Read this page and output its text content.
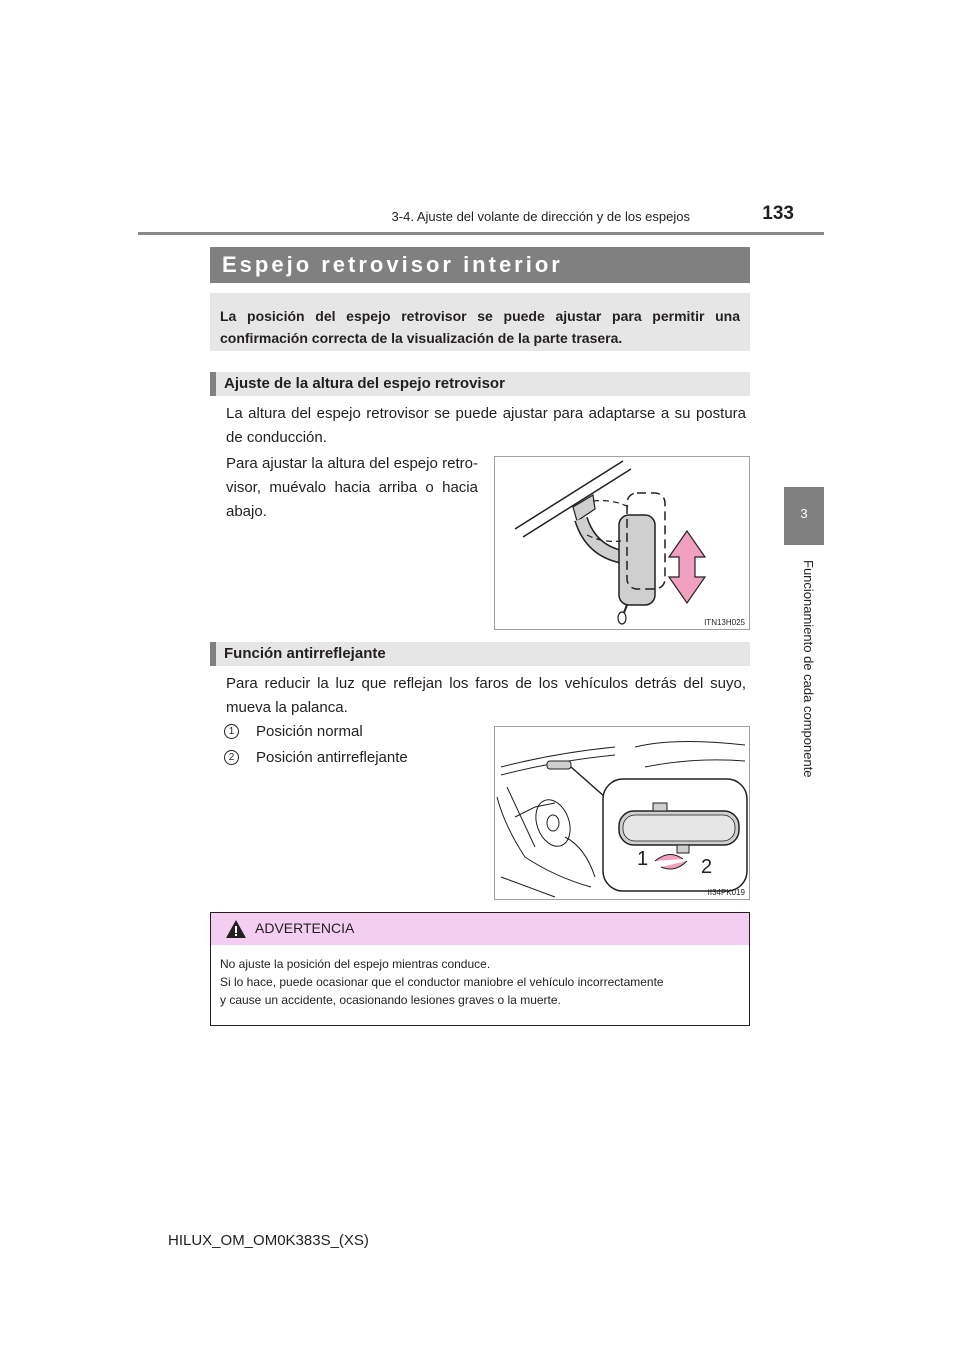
3-4. Ajuste del volante de dirección y de los espejos	133
3
Funcionamiento de cada componente
Espejo retrovisor interior
La posición del espejo retrovisor se puede ajustar para permitir una confirmación correcta de la visualización de la parte trasera.
Ajuste de la altura del espejo retrovisor
La altura del espejo retrovisor se puede ajustar para adaptarse a su postura de conducción.
Para ajustar la altura del espejo retro-visor, muévalo hacia arriba o hacia abajo.
ITN13H025
Función antirreflejante
Para reducir la luz que reflejan los faros de los vehículos detrás del suyo, mueva la palanca.
1	Posición normal
2	Posición antirreflejante
1	2
II34PK019
ADVERTENCIA
No ajuste la posición del espejo mientras conduce.
Si lo hace, puede ocasionar que el conductor maniobre el vehículo incorrectamente
y cause un accidente, ocasionando lesiones graves o la muerte.
HILUX_OM_OM0K383S_(XS)
